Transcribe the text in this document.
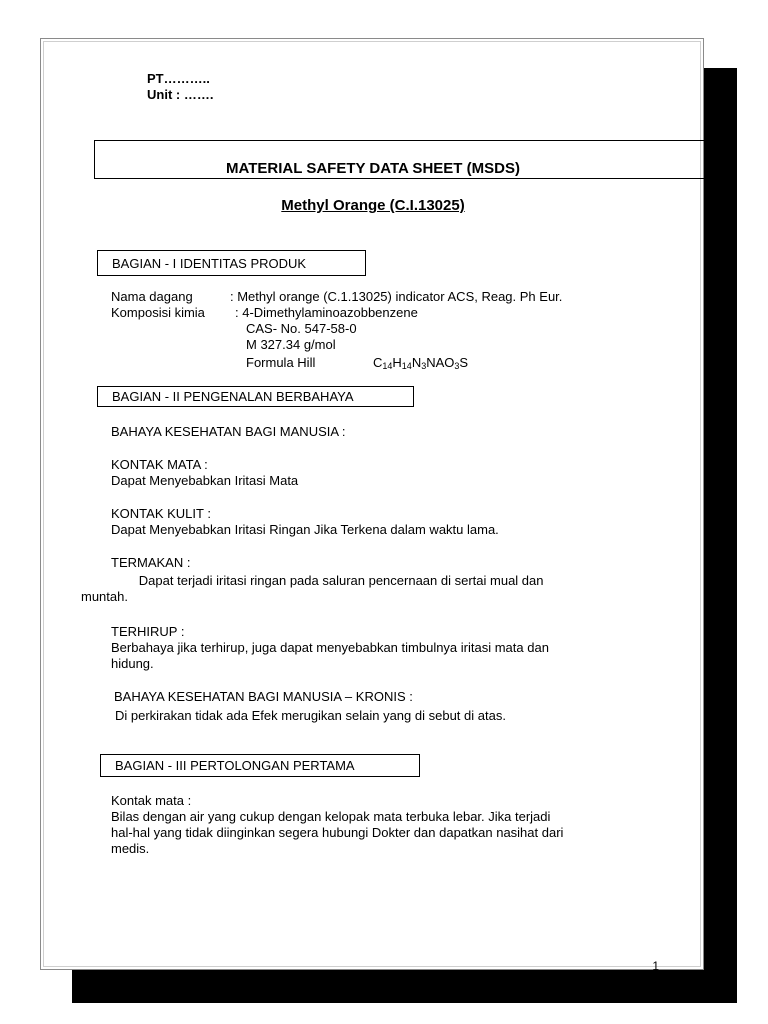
PT………..
Unit : …….
MATERIAL SAFETY DATA SHEET (MSDS)
Methyl Orange (C.I.13025)
BAGIAN - I IDENTITAS PRODUK
Nama dagang	: Methyl orange (C.1.13025) indicator ACS, Reag. Ph Eur.
Komposisi kimia : 4-Dimethylaminoazobbenzene
CAS- No. 547-58-0
M 327.34 g/mol
Formula Hill	$C_{14}H_{14}N_3NAO_3S$
BAGIAN - II PENGENALAN BERBAHAYA
BAHAYA KESEHATAN BAGI MANUSIA :
KONTAK MATA :
Dapat Menyebabkan Iritasi Mata
KONTAK KULIT :
Dapat Menyebabkan Iritasi Ringan Jika Terkena dalam waktu lama.
TERMAKAN :
Dapat terjadi iritasi ringan pada saluran pencernaan di sertai mual dan
muntah.
TERHIRUP :
Berbahaya jika terhirup, juga dapat menyebabkan timbulnya iritasi mata dan
hidung.
BAHAYA KESEHATAN BAGI MANUSIA – KRONIS :
Di perkirakan tidak ada Efek merugikan selain yang di sebut di atas.
BAGIAN - III PERTOLONGAN PERTAMA
Kontak mata :
Bilas dengan air yang cukup dengan kelopak mata terbuka lebar. Jika terjadi
hal-hal yang tidak diinginkan segera hubungi Dokter dan dapatkan nasihat dari
medis.
1
